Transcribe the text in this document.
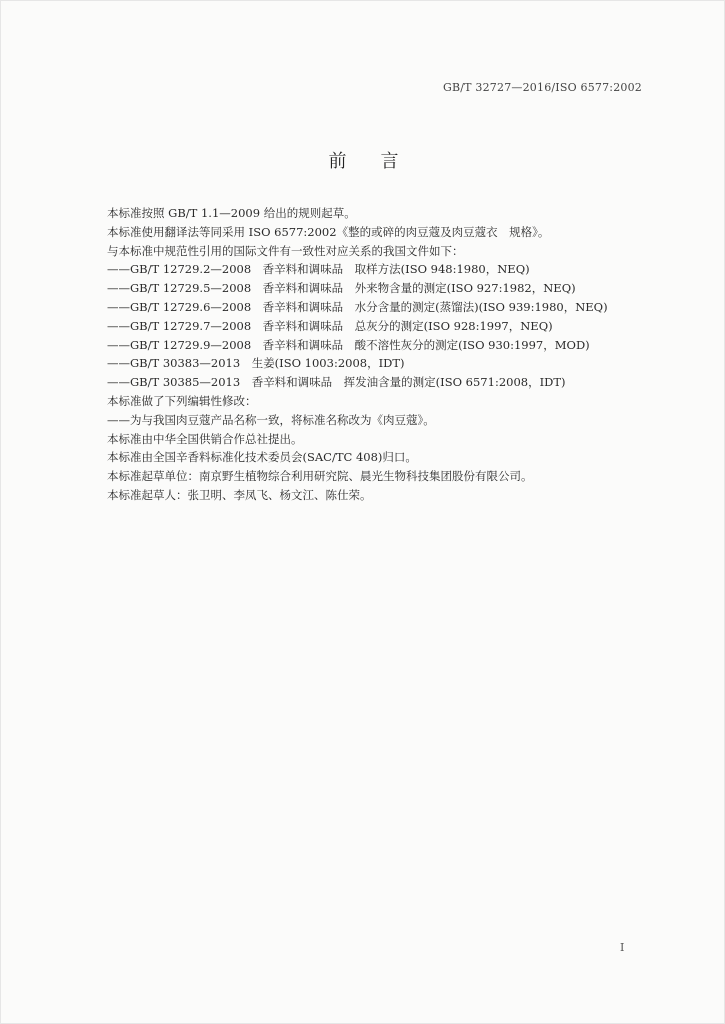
GB/T 32727—2016/ISO 6577:2002
前言

本标准按照 GB/T 1.1—2009 给出的规则起草。

本标准使用翻译法等同采用 ISO 6577:2002《整的或碎的肉豆蔻及肉豆蔻衣　规格》。

与本标准中规范性引用的国际文件有一致性对应关系的我国文件如下：

——GB/T 12729.2—2008　香辛料和调味品　取样方法(ISO 948:1980，NEQ)

——GB/T 12729.5—2008　香辛料和调味品　外来物含量的测定(ISO 927:1982，NEQ)

——GB/T 12729.6—2008　香辛料和调味品　水分含量的测定(蒸馏法)(ISO 939:1980，NEQ)

——GB/T 12729.7—2008　香辛料和调味品　总灰分的测定(ISO 928:1997，NEQ)

——GB/T 12729.9—2008　香辛料和调味品　酸不溶性灰分的测定(ISO 930:1997，MOD)

——GB/T 30383—2013　生姜(ISO 1003:2008，IDT)

——GB/T 30385—2013　香辛料和调味品　挥发油含量的测定(ISO 6571:2008，IDT)

本标准做了下列编辑性修改：

——为与我国肉豆蔻产品名称一致，将标准名称改为《肉豆蔻》。

本标准由中华全国供销合作总社提出。

本标准由全国辛香料标准化技术委员会(SAC/TC 408)归口。

本标准起草单位：南京野生植物综合利用研究院、晨光生物科技集团股份有限公司。

本标准起草人：张卫明、李凤飞、杨文江、陈仕荣。

I
